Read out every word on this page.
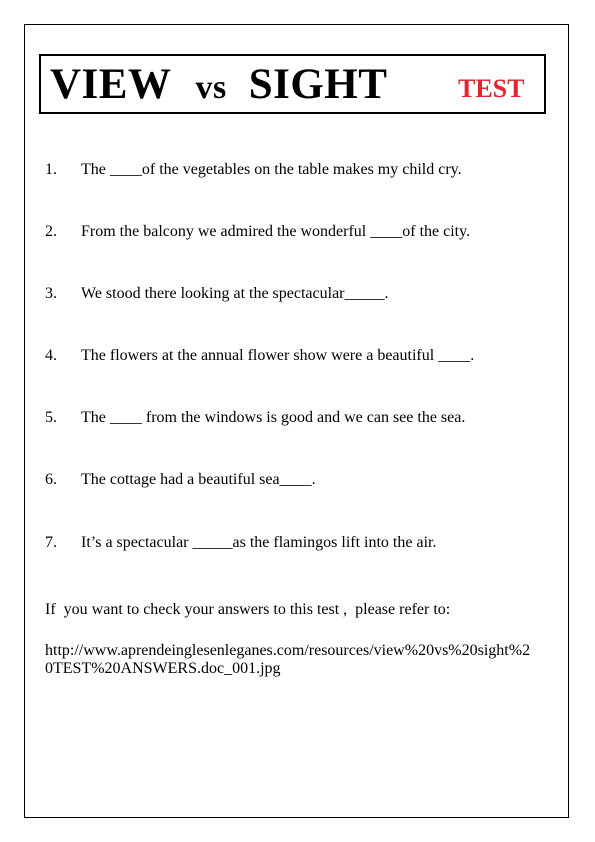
VIEW vs SIGHT	TEST
1. The ____of the vegetables on the table makes my child cry.
2. From the balcony we admired the wonderful ____of the city.
3. We stood there looking at the spectacular_____.
4. The flowers at the annual flower show were a beautiful ____.
5. The ____ from the windows is good and we can see the sea.
6. The cottage had a beautiful sea____.
7. It’s a spectacular _____as the flamingos lift into the air.
If  you want to check your answers to this test ,  please refer to:
http://www.aprendeinglesenleganes.com/resources/view%20vs%20sight%20TEST%20ANSWERS.doc_001.jpg
